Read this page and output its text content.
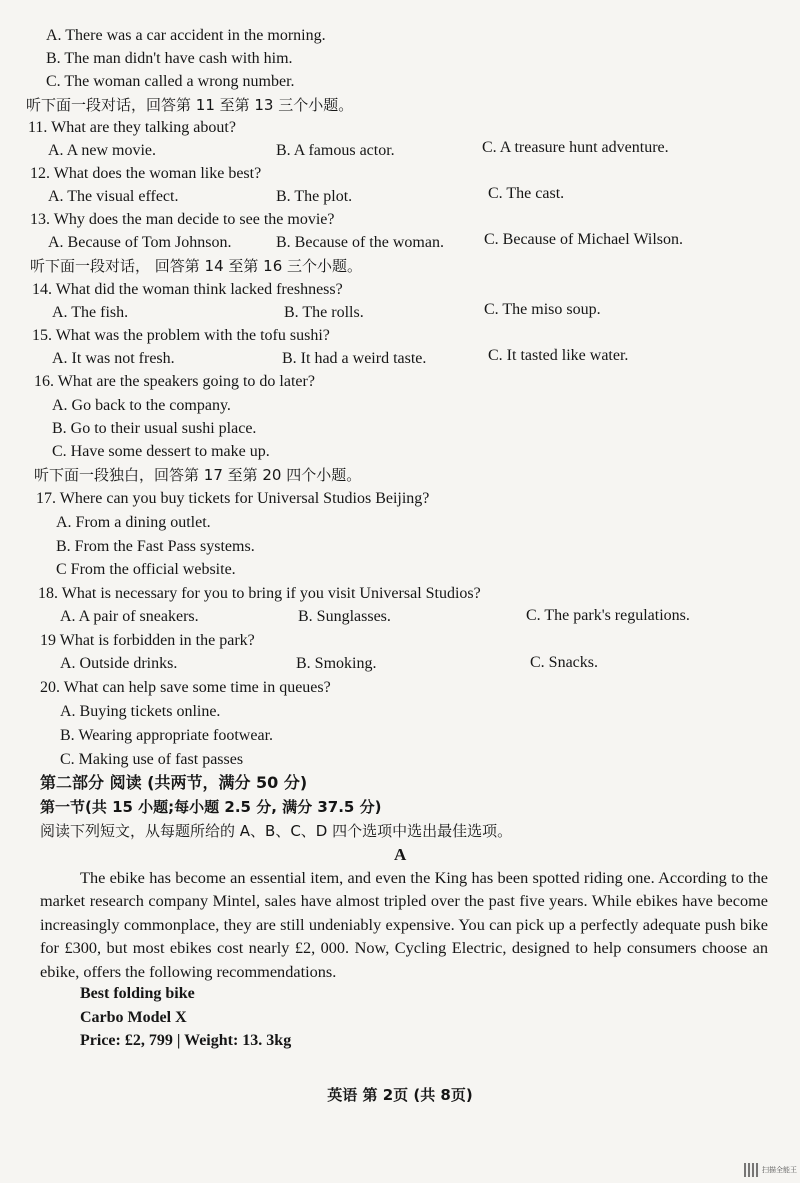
A. There was a car accident in the morning.
B. The man didn't have cash with him.
C. The woman called a wrong number.
听下面一段对话，回答第 11 至第 13 三个小题。
11. What are they talking about?
A. A new movie.	B. A famous actor.	C. A treasure hunt adventure.
12. What does the woman like best?
A. The visual effect.	B. The plot.	C. The cast.
13. Why does the man decide to see the movie?
A. Because of Tom Johnson.	B. Because of the woman.	C. Because of Michael Wilson.
听下面一段对话， 回答第 14 至第 16 三个小题。
14. What did the woman think lacked freshness?
A. The fish.	B. The rolls.	C. The miso soup.
15. What was the problem with the tofu sushi?
A. It was not fresh.	B. It had a weird taste.	C. It tasted like water.
16. What are the speakers going to do later?
A. Go back to the company.
B. Go to their usual sushi place.
C. Have some dessert to make up.
听下面一段独白，回答第 17 至第 20 四个小题。
17. Where can you buy tickets for Universal Studios Beijing?
A. From a dining outlet.
B. From the Fast Pass systems.
C From the official website.
18. What is necessary for you to bring if you visit Universal Studios?
A. A pair of sneakers.	B. Sunglasses.	C. The park's regulations.
19 What is forbidden in the park?
A. Outside drinks.	B. Smoking.	C. Snacks.
20. What can help save some time in queues?
A. Buying tickets online.
B. Wearing appropriate footwear.
C. Making use of fast passes
第二部分 阅读 (共两节，满分 50 分)
第一节(共 15 小题;每小题 2.5 分, 满分 37.5 分)
阅读下列短文，从每题所给的 A、B、C、D 四个选项中选出最佳选项。
A

The ebike has become an essential item, and even the King has been spotted riding one. According to the market research company Mintel, sales have almost tripled over the past five years. While ebikes have become increasingly commonplace, they are still undeniably expensive. You can pick up a perfectly adequate push bike for £300, but most ebikes cost nearly £2, 000. Now, Cycling Electric, designed to help consumers choose an ebike, offers the following recommendations.

Best folding bike
Carbo Model X
Price: £2, 799 | Weight: 13. 3kg
英语 第 2页 (共 8页)
扫描全能王
